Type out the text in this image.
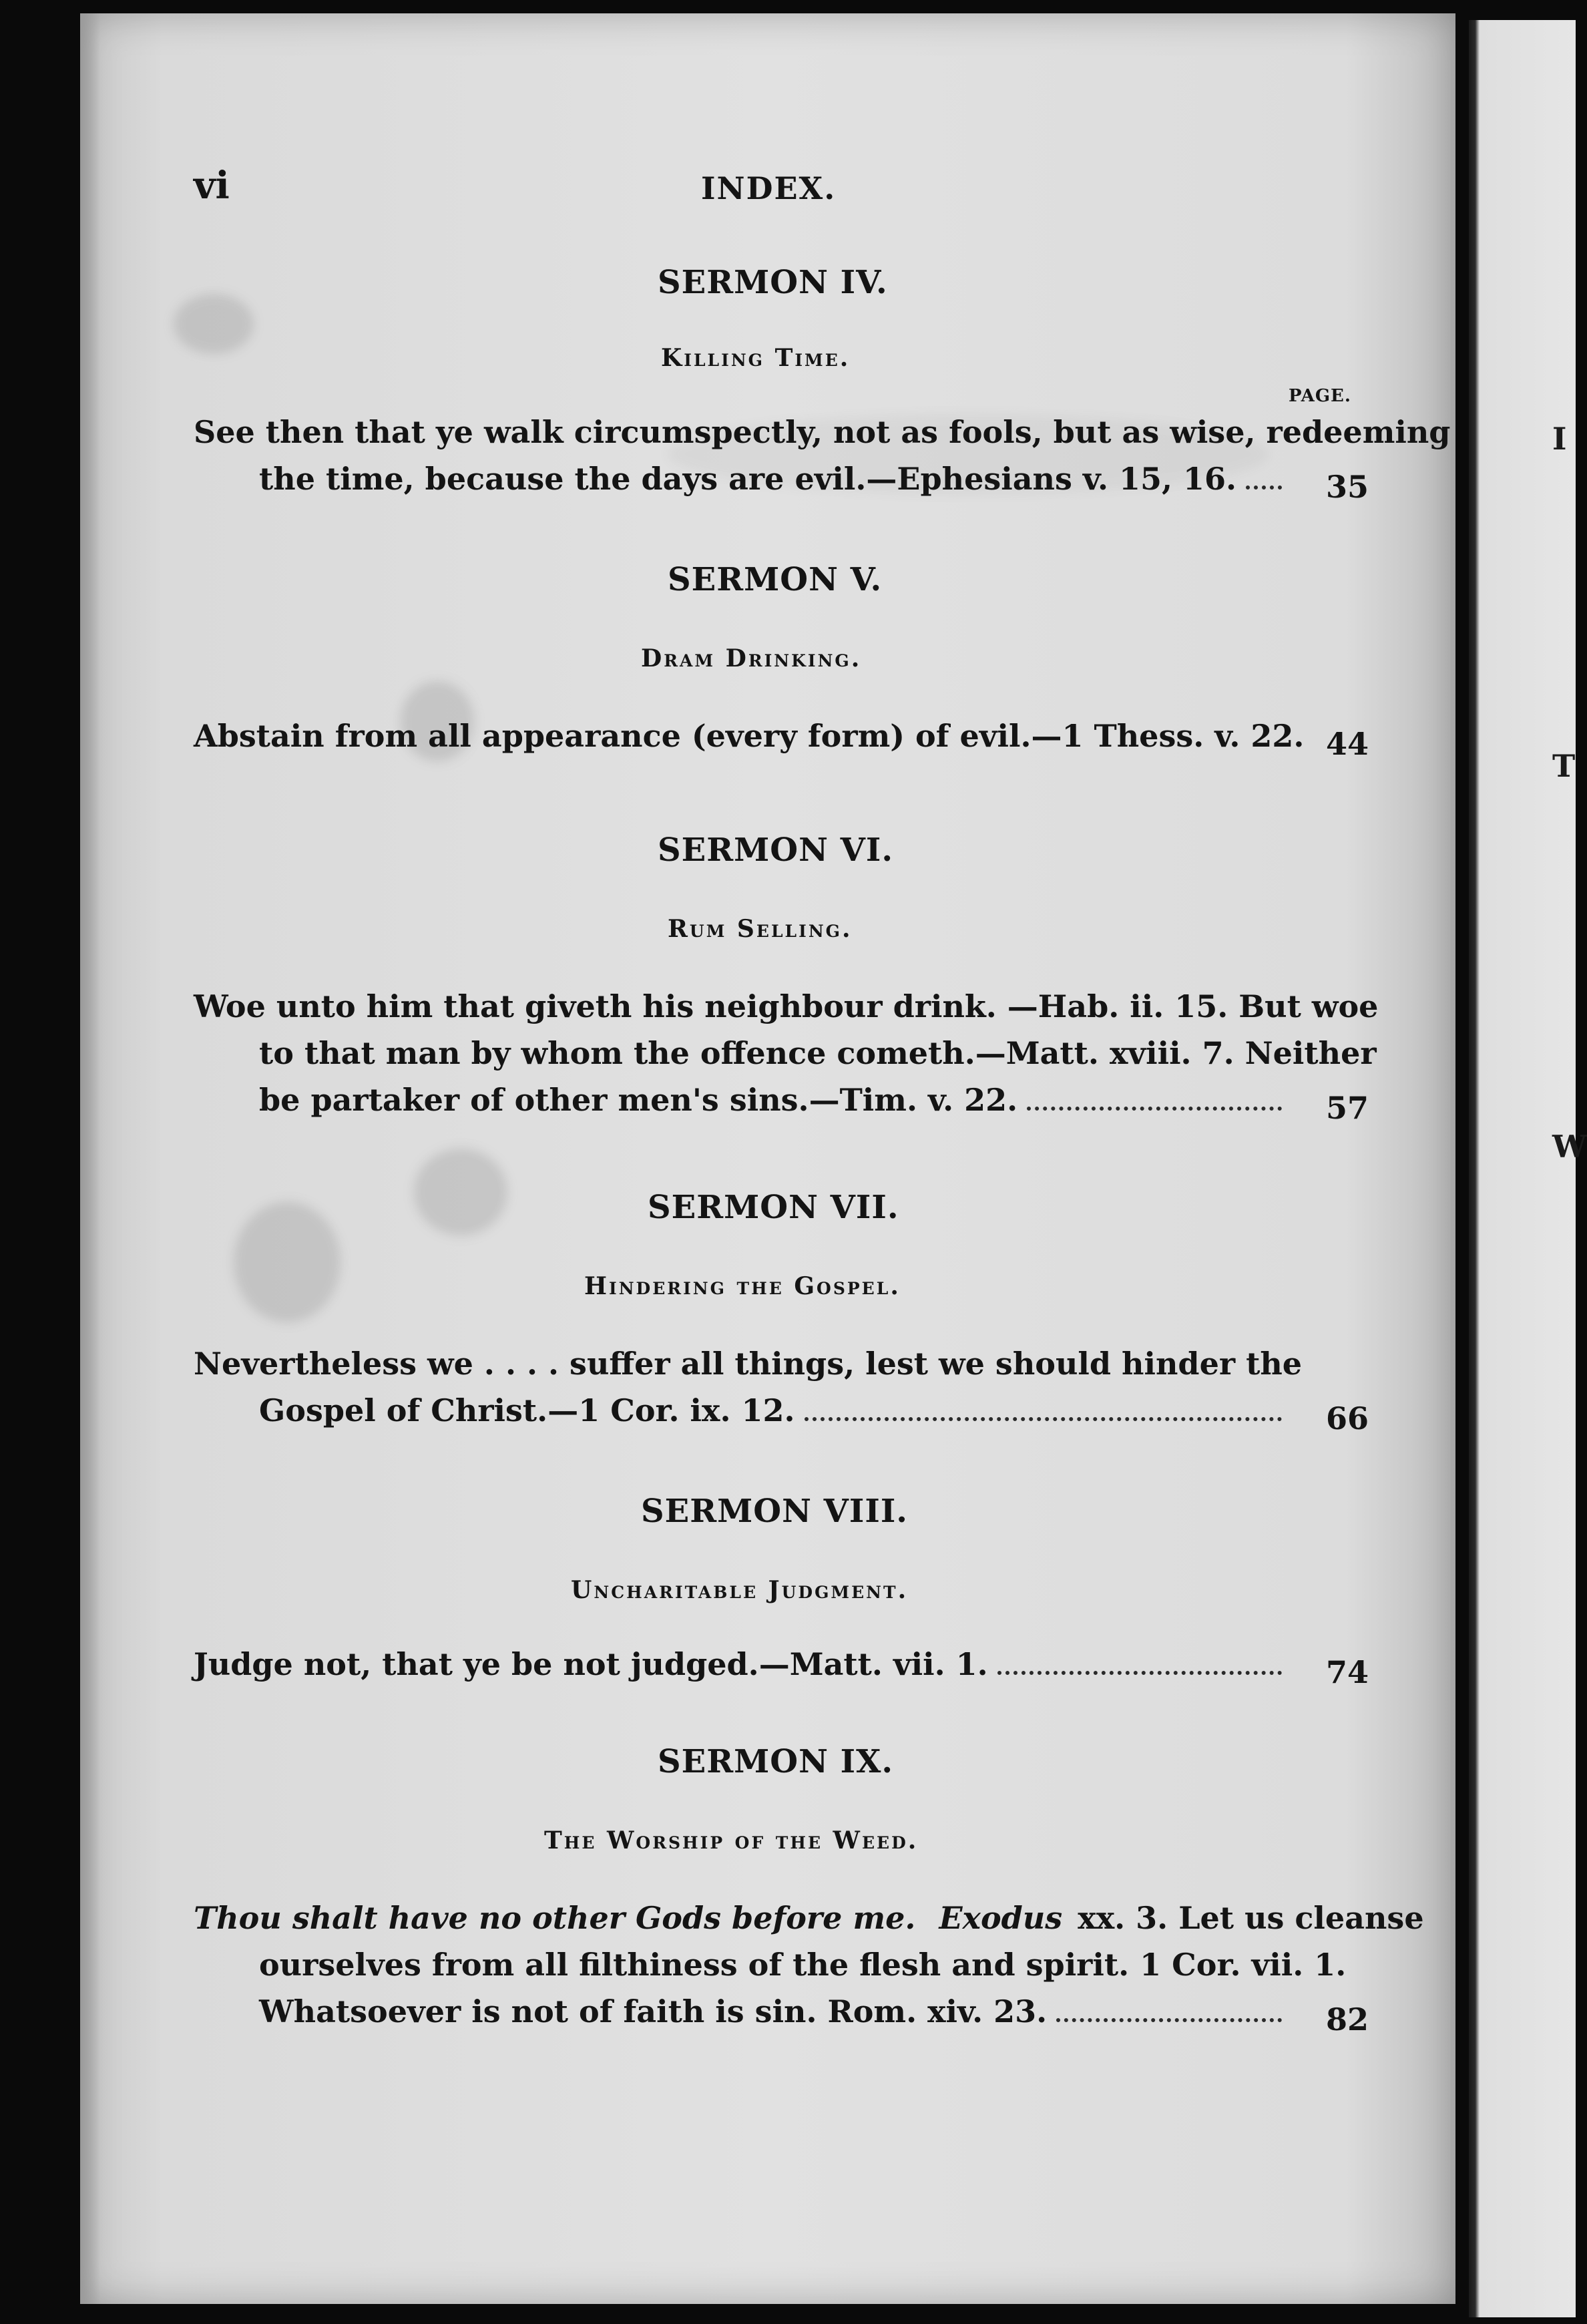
I
T
W
vi	INDEX.
SERMON IV.
Killing Time.
PAGE.
See then that ye walk circumspectly, not as fools, but as wise, redeeming
the time, because the days are evil.—Ephesians v. 15, 16.	35
SERMON V.
Dram Drinking.
Abstain from all appearance (every form) of evil.—1 Thess. v. 22. 44
SERMON VI.
Rum Selling.
Woe unto him that giveth his neighbour drink. —Hab. ii. 15. But woe
to that man by whom the offence cometh.—Matt. xviii. 7. Neither
be partaker of other men's sins.—Tim. v. 22.	57
SERMON VII.
Hindering the Gospel.
Nevertheless we . . . . suffer all things, lest we should hinder the
Gospel of Christ.—1 Cor. ix. 12.	66
SERMON VIII.
Uncharitable Judgment.
Judge not, that ye be not judged.—Matt. vii. 1.	74
SERMON IX.
The Worship of the Weed.
Thou shalt have no other Gods before me. Exodus xx. 3. Let us cleanse
ourselves from all filthiness of the flesh and spirit. 1 Cor. vii. 1.
Whatsoever is not of faith is sin. Rom. xiv. 23.	82
